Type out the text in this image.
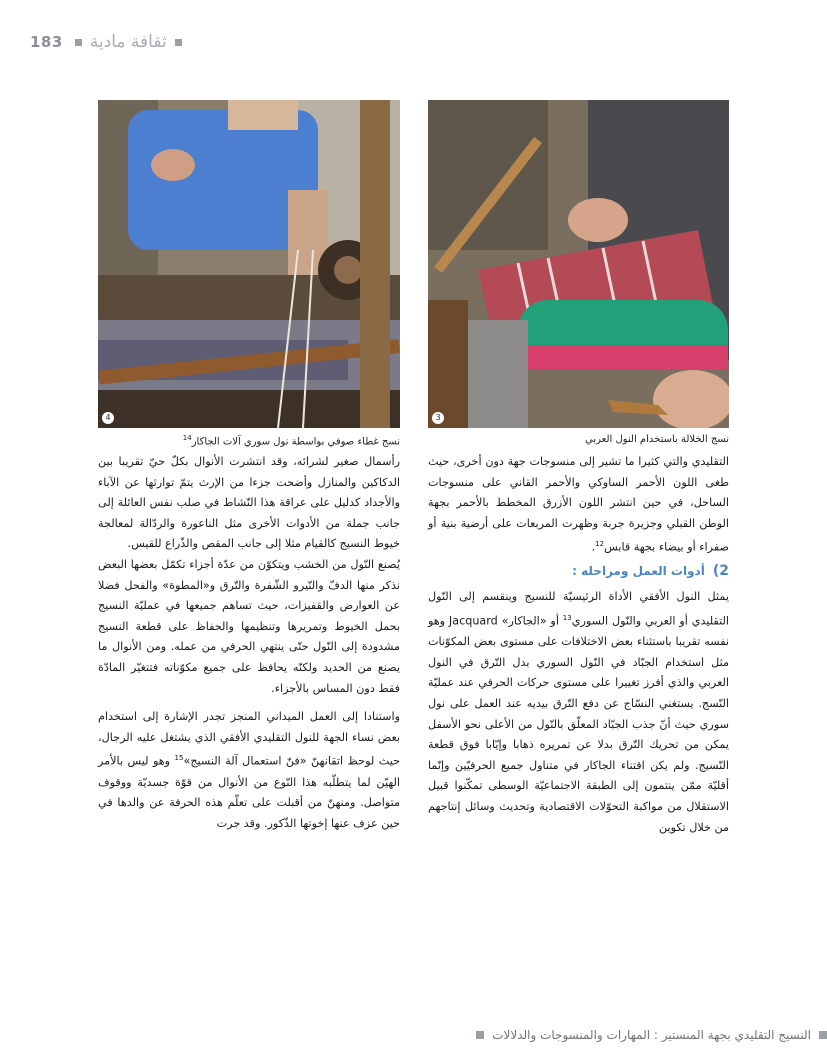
183 ثقافة مادية
4
نسج غطاء صوفي بواسطة نول سوري آلات الجاكار$^{14}$
3
نسج الخلالة باستخدام النول العربي

التقليدي والتي كثيرا ما تشير إلى منسوجات جهة دون أخرى، حيث طغى اللون الأحمر الساوكي والأحمر القاني على منسوجات الساحل، في حين انتشر اللون الأزرق المخطط بالأحمر بجهة الوطن القبلي وجزيرة جربة وظهرت المربعات على أرضية بنية أو صفراء أو بيضاء بجهة قابس$^{12}$.

2)
أدوات العمل ومراحله :

يمثل النول الأفقي الأداة الرئيسيّة للنسيج وينقسم إلى النّول التقليدي أو العربي والنّول السوري$^{13}$ أو «الجاكار» Jacquard وهو نفسه تقريبا باستثناء بعض الاختلافات على مستوى بعض المكوّنات مثل استخدام الجبّاد في النّول السوري بدل التّرق في النول العربي والذي أفرز تغييرا على مستوى حركات الحرفي عند عمليّة النّسج. يستغني النسّاج عن دفع التّرق بيديه عند العمل على نول سوري حيث أنّ جذب الجبّاد المعلّق بالنّول من الأعلى نحو الأسفل يمكن من تحريك التّرق بدلا عن تمريره ذهابا وإيّابا فوق قطعة النّسيج. ولم يكن اقتناء الجاكار في متناول جميع الحرفيّين وإنّما أقليّة ممّن ينتمون إلى الطبقة الاجتماعيّة الوسطى تمكّنوا قبيل الاستقلال من مواكبة التحوّلات الاقتصادية وتحديث وسائل إنتاجهم من خلال تكوين

رأسمال صغير لشرائه، وقد انتشرت الأنوال بكلّ حيّ تقريبا بين الدكاكين والمنازل وأضحت جزءا من الإرث يتمّ توارثها عن الآباء والأجداد كدليل على عراقة هذا النّشاط في صلب نفس العائلة إلى جانب جملة من الأدوات الأخرى مثل الناعورة والردّالة لمعالجة خيوط النسيج كالقيام مثلا إلى جانب المقص والذّراع للقيس.

يُصنع النّول من الخشب ويتكوّن من عدّة أجزاء تكمّل بعضها البعض نذكر منها الدفّ والنّيرو الشّفرة والتّرق و«المطوة» والفحل فضلا عن العوارض والقفيزات، حيث تساهم جميعها في عمليّة النسيج بحمل الخيوط وتمريرها وتنظيمها والحفاظ على قطعة النسيج مشدودة إلى النّول حتّى ينتهي الحرفي من عمله. ومن الأنوال ما يصنع من الحديد ولكنّه يحافظ على جميع مكوّناته فتتغيّر المادّة فقط دون المساس بالأجزاء.

واستنادا إلى العمل الميداني المنجز تجدر الإشارة إلى استخدام بعض نساء الجهة للنول التقليدي الأفقي الذي يشتغل عليه الرجال، حيث لوحظ اتقانهنّ «فنّ استعمال آلة النسيج»$^{15}$ وهو ليس بالأمر الهيّن لما يتطلّبه هذا النّوع من الأنوال من قوّة جسديّة ووقوف متواصل. ومنهنّ من أقبلت على تعلّم هذه الحرفة عن والدها في حين عزف عنها إخوتها الذّكور. وقد جرت

النسيج التقليدي بجهة المنستير : المهارات والمنسوجات والدلالات
